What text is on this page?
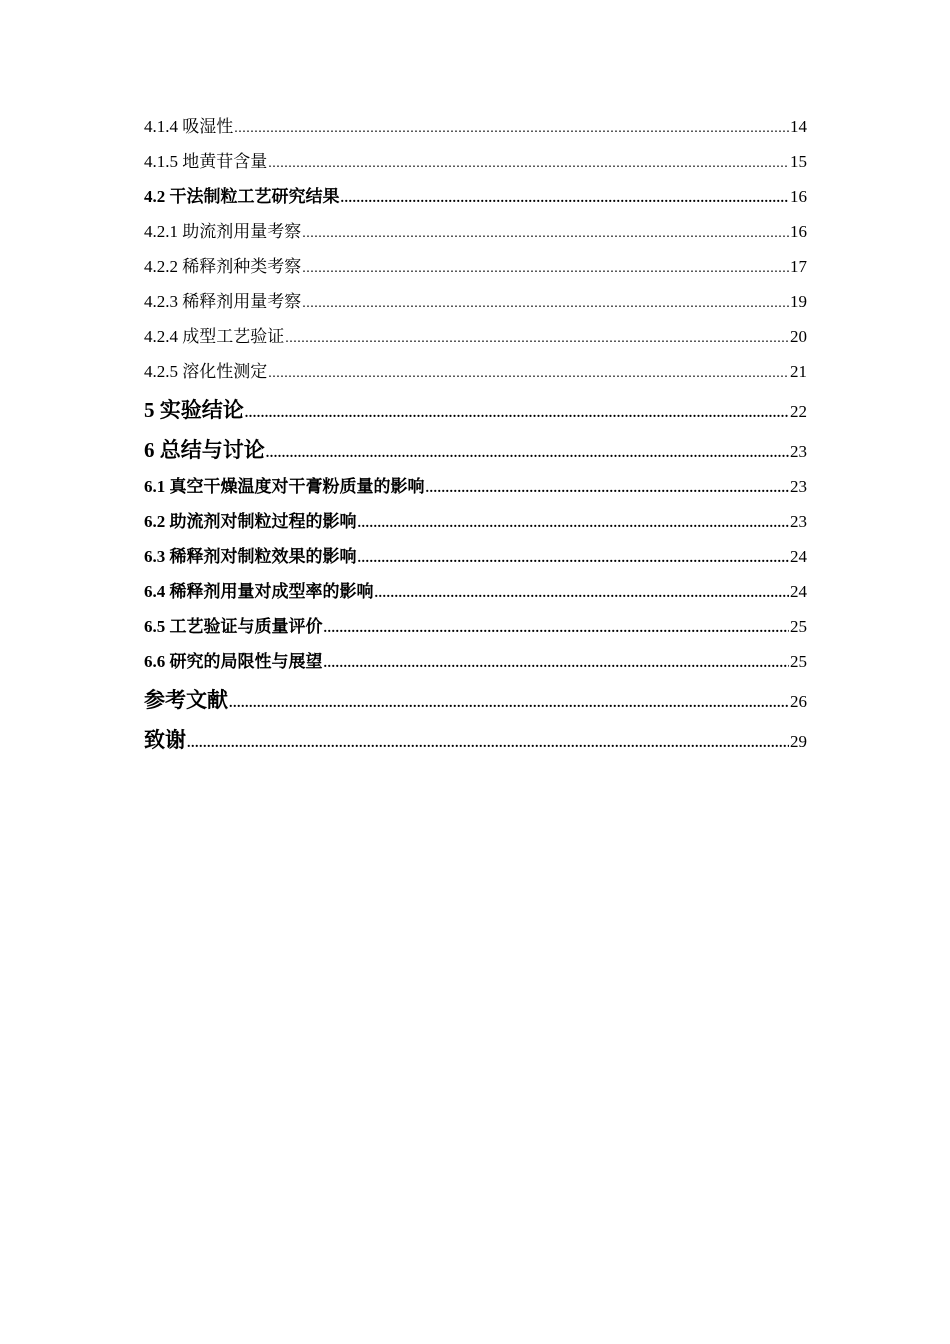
4.1.4 吸湿性 .....	14
4.1.5 地黄苷含量 .....	15
4.2 干法制粒工艺研究结果 .....	16
4.2.1 助流剂用量考察 .....	16
4.2.2 稀释剂种类考察 .....	17
4.2.3 稀释剂用量考察 .....	19
4.2.4 成型工艺验证 .....	20
4.2.5 溶化性测定 .....	21
5 实验结论 .....	22
6 总结与讨论 .....	23
6.1 真空干燥温度对干膏粉质量的影响 .....	23
6.2 助流剂对制粒过程的影响 .....	23
6.3 稀释剂对制粒效果的影响 .....	24
6.4 稀释剂用量对成型率的影响 .....	24
6.5 工艺验证与质量评价 .....	25
6.6 研究的局限性与展望 .....	25
参考文献 .....	26
致谢 .....	29
